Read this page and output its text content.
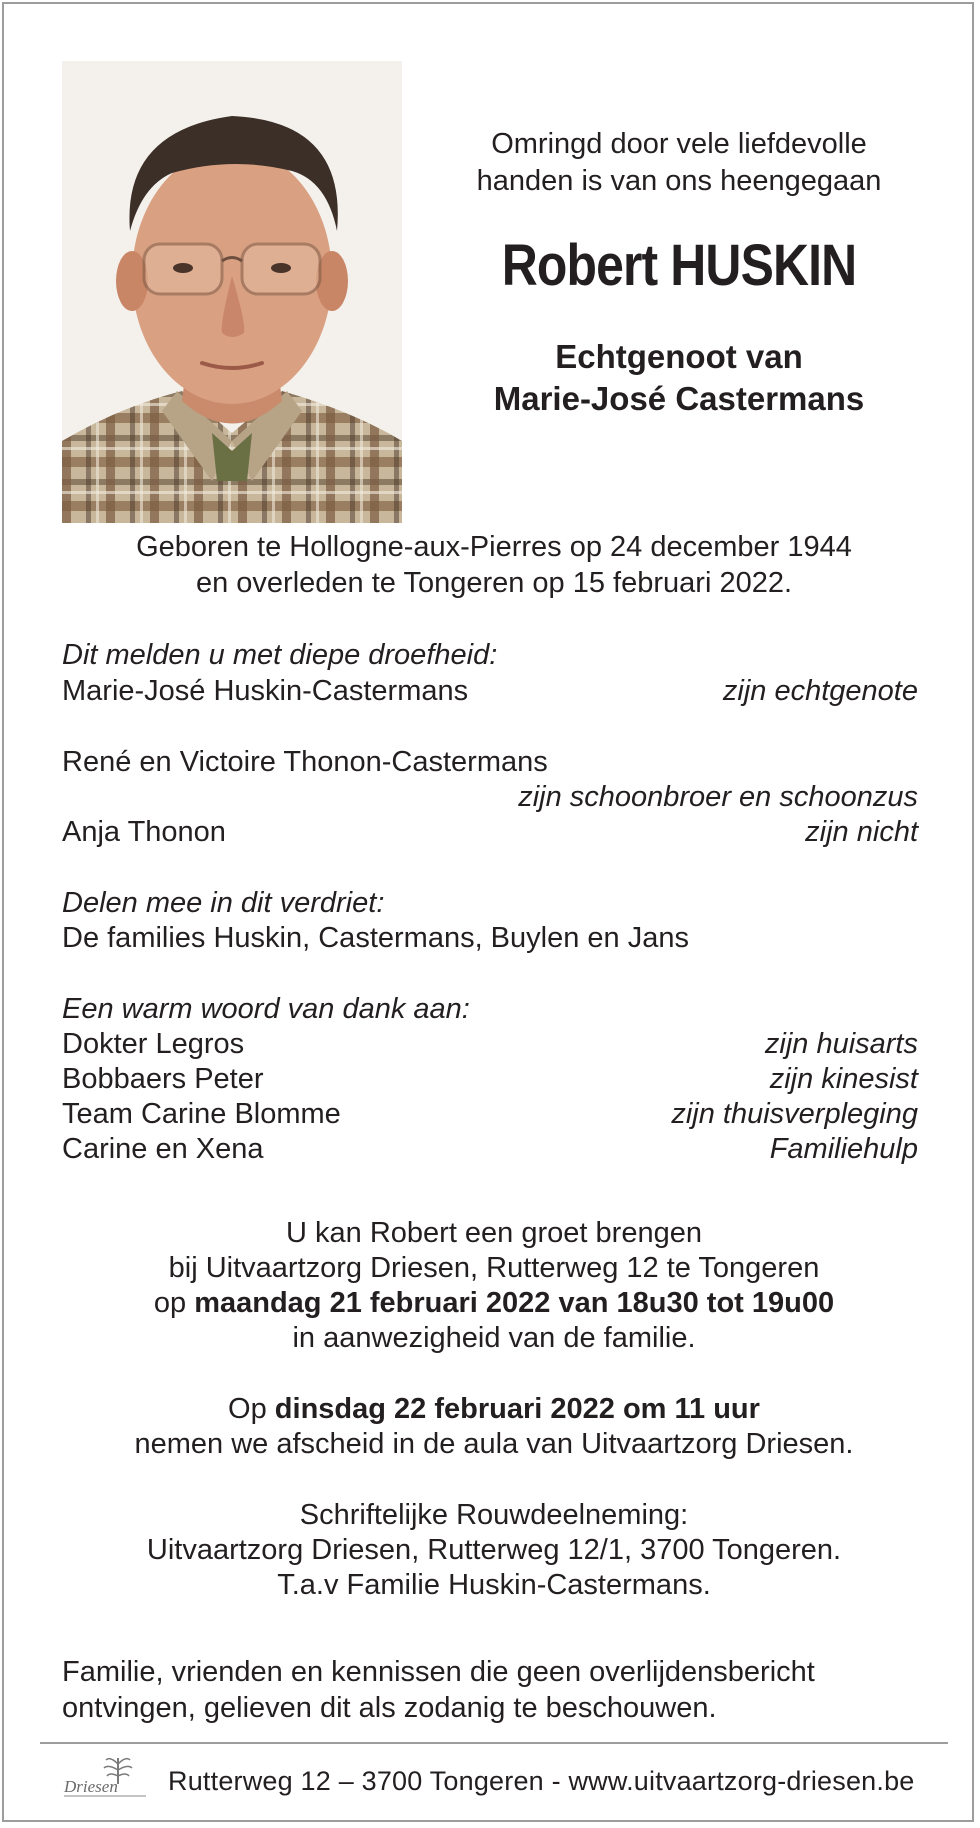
Omringd door vele liefdevolle
handen is van ons heengegaan
Robert HUSKIN
Echtgenoot van
Marie-José Castermans
Geboren te Hollogne-aux-Pierres op 24 december 1944
en overleden te Tongeren op 15 februari 2022.
Dit melden u met diepe droefheid:
Marie-José Huskin-Castermans	zijn echtgenote
René en Victoire Thonon-Castermans
zijn schoonbroer en schoonzus
Anja Thonon	zijn nicht
Delen mee in dit verdriet:
De families Huskin, Castermans, Buylen en Jans
Een warm woord van dank aan:
Dokter Legros	zijn huisarts
Bobbaers Peter	zijn kinesist
Team Carine Blomme	zijn thuisverpleging
Carine en Xena	Familiehulp
U kan Robert een groet brengen
bij Uitvaartzorg Driesen, Rutterweg 12 te Tongeren
op maandag 21 februari 2022 van 18u30 tot 19u00
in aanwezigheid van de familie.
Op dinsdag 22 februari 2022 om 11 uur
nemen we afscheid in de aula van Uitvaartzorg Driesen.
Schriftelijke Rouwdeelneming:
Uitvaartzorg Driesen, Rutterweg 12/1, 3700 Tongeren.
T.a.v Familie Huskin-Castermans.
Familie, vrienden en kennissen die geen overlijdensbericht
ontvingen, gelieven dit als zodanig te beschouwen.
Driesen Rutterweg 12 – 3700 Tongeren - www.uitvaartzorg-driesen.be
